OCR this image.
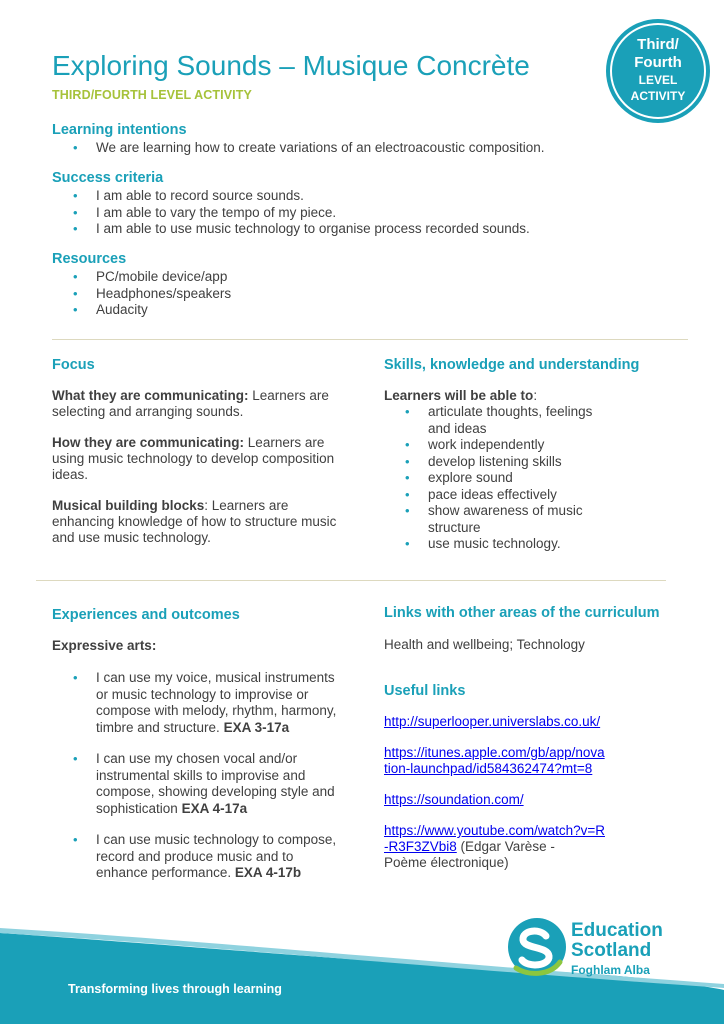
Exploring Sounds – Musique Concrète
THIRD/FOURTH LEVEL ACTIVITY
Third/
Fourth
LEVEL
ACTIVITY
Learning intentions
• We are learning how to create variations of an electroacoustic composition.
Success criteria
• I am able to record source sounds.
• I am able to vary the tempo of my piece.
• I am able to use music technology to organise process recorded sounds.
Resources
• PC/mobile device/app
• Headphones/speakers
• Audacity
Focus

What they are communicating: Learners are selecting and arranging sounds.

How they are communicating: Learners are using music technology to develop composition ideas.

Musical building blocks: Learners are enhancing knowledge of how to structure music and use music technology.

Skills, knowledge and understanding
Learners will be able to:
• articulate thoughts, feelings and ideas
• work independently
• develop listening skills
• explore sound
• pace ideas effectively
• show awareness of music structure
• use music technology.
Experiences and outcomes
Expressive arts:
• I can use my voice, musical instruments or music technology to improvise or compose with melody, rhythm, harmony, timbre and structure. EXA 3-17a
• I can use my chosen vocal and/or instrumental skills to improvise and compose, showing developing style and sophistication EXA 4-17a
• I can use music technology to compose, record and produce music and to enhance performance. EXA 4-17b
Links with other areas of the curriculum
Health and wellbeing; Technology
Useful links
http://superlooper.universlabs.co.uk/
https://itunes.apple.com/gb/app/nova
tion-launchpad/id584362474?mt=8
https://soundation.com/
https://www.youtube.com/watch?v=R
-R3F3ZVbi8 (Edgar Varèse -
Poème électronique)
Transforming lives through learning
Education
Scotland
Foghlam Alba
